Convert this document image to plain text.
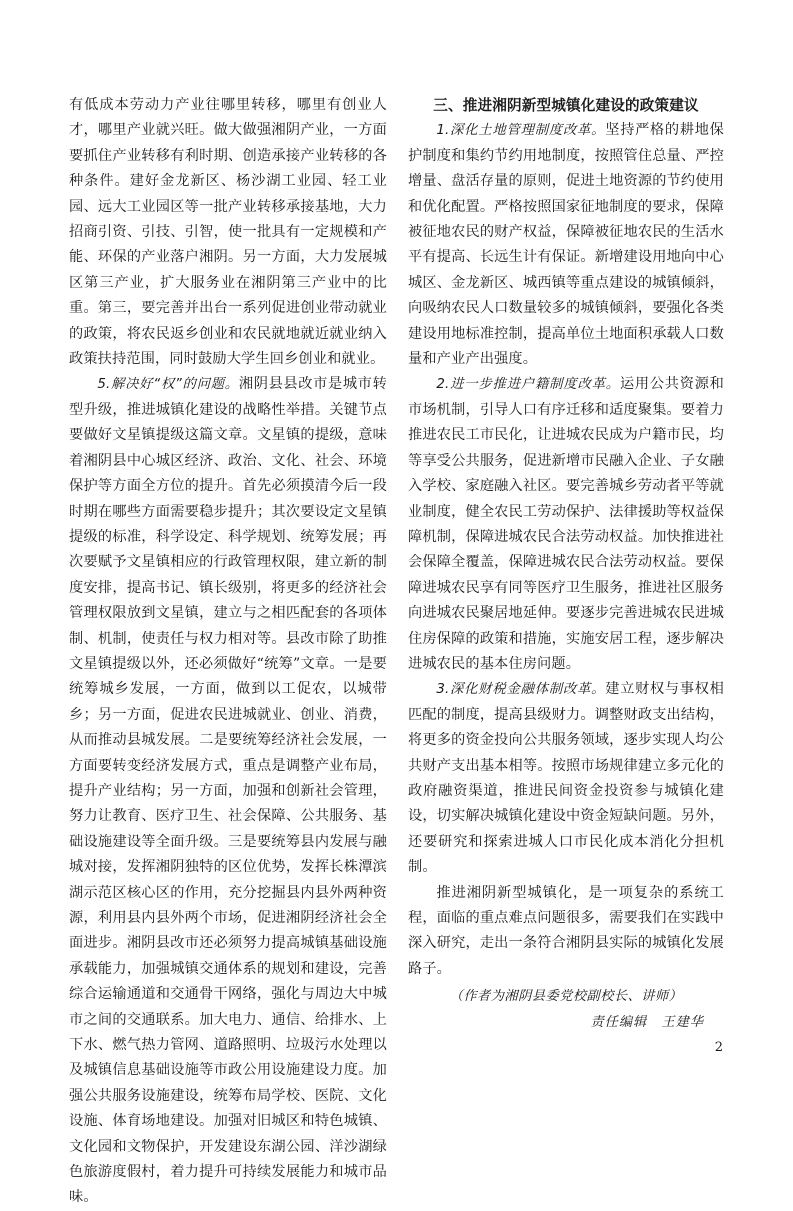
有低成本劳动力产业往哪里转移，哪里有创业人才，哪里产业就兴旺。做大做强湘阴产业，一方面要抓住产业转移有利时期、创造承接产业转移的各种条件。建好金龙新区、杨沙湖工业园、轻工业园、远大工业园区等一批产业转移承接基地，大力招商引资、引技、引智，使一批具有一定规模和产能、环保的产业落户湘阴。另一方面，大力发展城区第三产业，扩大服务业在湘阴第三产业中的比重。第三，要完善并出台一系列促进创业带动就业的政策，将农民返乡创业和农民就地就近就业纳入政策扶持范围，同时鼓励大学生回乡创业和就业。

5.解决好“权”的问题。湘阴县县改市是城市转型升级，推进城镇化建设的战略性举措。关键节点要做好文星镇提级这篇文章。文星镇的提级，意味着湘阴县中心城区经济、政治、文化、社会、环境保护等方面全方位的提升。首先必须摸清今后一段时期在哪些方面需要稳步提升；其次要设定文星镇提级的标准，科学设定、科学规划、统筹发展；再次要赋予文星镇相应的行政管理权限，建立新的制度安排，提高书记、镇长级别，将更多的经济社会管理权限放到文星镇，建立与之相匹配套的各项体制、机制，使责任与权力相对等。县改市除了助推文星镇提级以外，还必须做好“统筹”文章。一是要统筹城乡发展，一方面，做到以工促农，以城带乡；另一方面，促进农民进城就业、创业、消费，从而推动县城发展。二是要统筹经济社会发展，一方面要转变经济发展方式，重点是调整产业布局，提升产业结构；另一方面，加强和创新社会管理，努力让教育、医疗卫生、社会保障、公共服务、基础设施建设等全面升级。三是要统筹县内发展与融城对接，发挥湘阴独特的区位优势，发挥长株潭滨湖示范区核心区的作用，充分挖掘县内县外两种资源，利用县内县外两个市场，促进湘阴经济社会全面进步。湘阴县改市还必须努力提高城镇基础设施承载能力，加强城镇交通体系的规划和建设，完善综合运输通道和交通骨干网络，强化与周边大中城市之间的交通联系。加大电力、通信、给排水、上下水、燃气热力管网、道路照明、垃圾污水处理以及城镇信息基础设施等市政公用设施建设力度。加强公共服务设施建设，统筹布局学校、医院、文化设施、体育场地建设。加强对旧城区和特色城镇、文化园和文物保护，开发建设东湖公园、洋沙湖绿色旅游度假村，着力提升可持续发展能力和城市品味。

三、推进湘阴新型城镇化建设的政策建议

1.深化土地管理制度改革。坚持严格的耕地保护制度和集约节约用地制度，按照管住总量、严控增量、盘活存量的原则，促进土地资源的节约使用和优化配置。严格按照国家征地制度的要求，保障被征地农民的财产权益，保障被征地农民的生活水平有提高、长远生计有保证。新增建设用地向中心城区、金龙新区、城西镇等重点建设的城镇倾斜，向吸纳农民人口数量较多的城镇倾斜，要强化各类建设用地标准控制，提高单位土地面积承载人口数量和产业产出强度。

2.进一步推进户籍制度改革。运用公共资源和市场机制，引导人口有序迁移和适度聚集。要着力推进农民工市民化，让进城农民成为户籍市民，均等享受公共服务，促进新增市民融入企业、子女融入学校、家庭融入社区。要完善城乡劳动者平等就业制度，健全农民工劳动保护、法律援助等权益保障机制，保障进城农民合法劳动权益。加快推进社会保障全覆盖，保障进城农民合法劳动权益。要保障进城农民享有同等医疗卫生服务，推进社区服务向进城农民聚居地延伸。要逐步完善进城农民进城住房保障的政策和措施，实施安居工程，逐步解决进城农民的基本住房问题。

3.深化财税金融体制改革。建立财权与事权相匹配的制度，提高县级财力。调整财政支出结构，将更多的资金投向公共服务领域，逐步实现人均公共财产支出基本相等。按照市场规律建立多元化的政府融资渠道，推进民间资金投资参与城镇化建设，切实解决城镇化建设中资金短缺问题。另外，还要研究和探索进城人口市民化成本消化分担机制。

推进湘阴新型城镇化，是一项复杂的系统工程，面临的重点难点问题很多，需要我们在实践中深入研究，走出一条符合湘阴县实际的城镇化发展路子。

（作者为湘阴县委党校副校长、讲师）

责任编辑　王建华

2
